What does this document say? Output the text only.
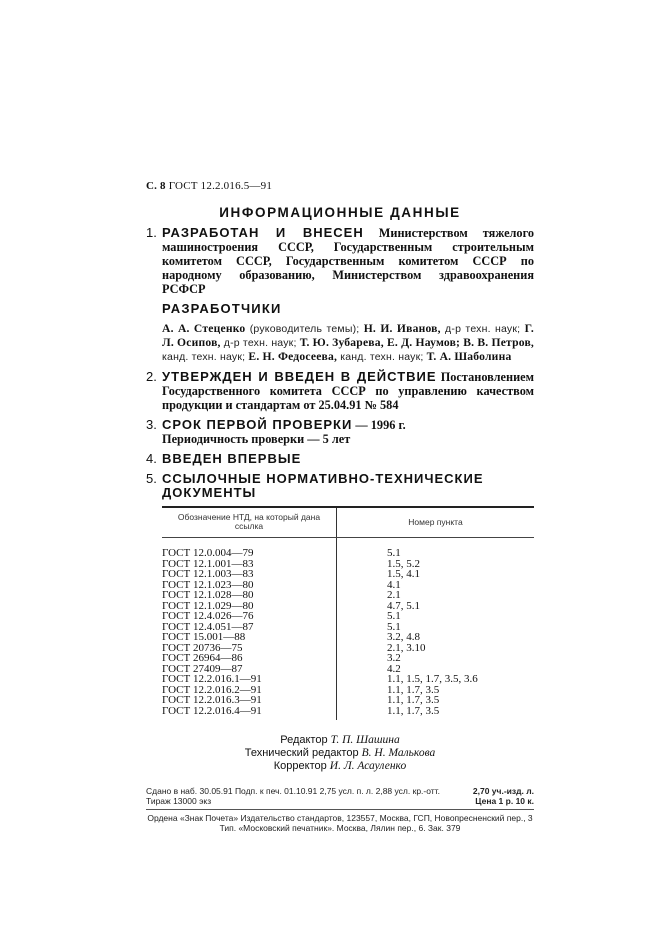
С. 8 ГОСТ 12.2.016.5—91
ИНФОРМАЦИОННЫЕ ДАННЫЕ
1. РАЗРАБОТАН И ВНЕСЕН Министерством тяжелого машиностроения СССР, Государственным строительным комитетом СССР, Государственным комитетом СССР по народному образованию, Министерством здравоохранения РСФСР
РАЗРАБОТЧИКИ
А. А. Стеценко (руководитель темы); Н. И. Иванов, д-р техн. наук; Г. Л. Осипов, д-р техн. наук; Т. Ю. Зубарева, Е. Д. Наумов; В. В. Петров, канд. техн. наук; Е. Н. Федосеева, канд. техн. наук; Т. А. Шаболина
2. УТВЕРЖДЕН И ВВЕДЕН В ДЕЙСТВИЕ Постановлением Государственного комитета СССР по управлению качеством продукции и стандартам от 25.04.91 № 584
3. СРОК ПЕРВОЙ ПРОВЕРКИ — 1996 г.
Периодичность проверки — 5 лет
4. ВВЕДЕН ВПЕРВЫЕ
5. ССЫЛОЧНЫЕ НОРМАТИВНО-ТЕХНИЧЕСКИЕ ДОКУМЕНТЫ
Обозначение НТД, на который дана ссылка	Номер пункта
ГОСТ 12.0.004—79	5.1
ГОСТ 12.1.001—83	1.5, 5.2
ГОСТ 12.1.003—83	1.5, 4.1
ГОСТ 12.1.023—80	4.1
ГОСТ 12.1.028—80	2.1
ГОСТ 12.1.029—80	4.7, 5.1
ГОСТ 12.4.026—76	5.1
ГОСТ 12.4.051—87	5.1
ГОСТ 15.001—88	3.2, 4.8
ГОСТ 20736—75	2.1, 3.10
ГОСТ 26964—86	3.2
ГОСТ 27409—87	4.2
ГОСТ 12.2.016.1—91	1.1, 1.5, 1.7, 3.5, 3.6
ГОСТ 12.2.016.2—91	1.1, 1.7, 3.5
ГОСТ 12.2.016.3—91	1.1, 1.7, 3.5
ГОСТ 12.2.016.4—91	1.1, 1.7, 3.5
Редактор Т. П. Шашина
Технический редактор В. Н. Малькова
Корректор И. Л. Асауленко
Сдано в наб. 30.05.91 Подп. к печ. 01.10.91 2,75 усл. п. л. 2,88 усл. кр.-отт.	2,70 уч.-изд. л.
Тираж 13000 экз	Цена 1 р. 10 к.
Ордена «Знак Почета» Издательство стандартов, 123557, Москва, ГСП, Новопресненский пер., 3
Тип. «Московский печатник». Москва, Лялин пер., 6. Зак. 379
